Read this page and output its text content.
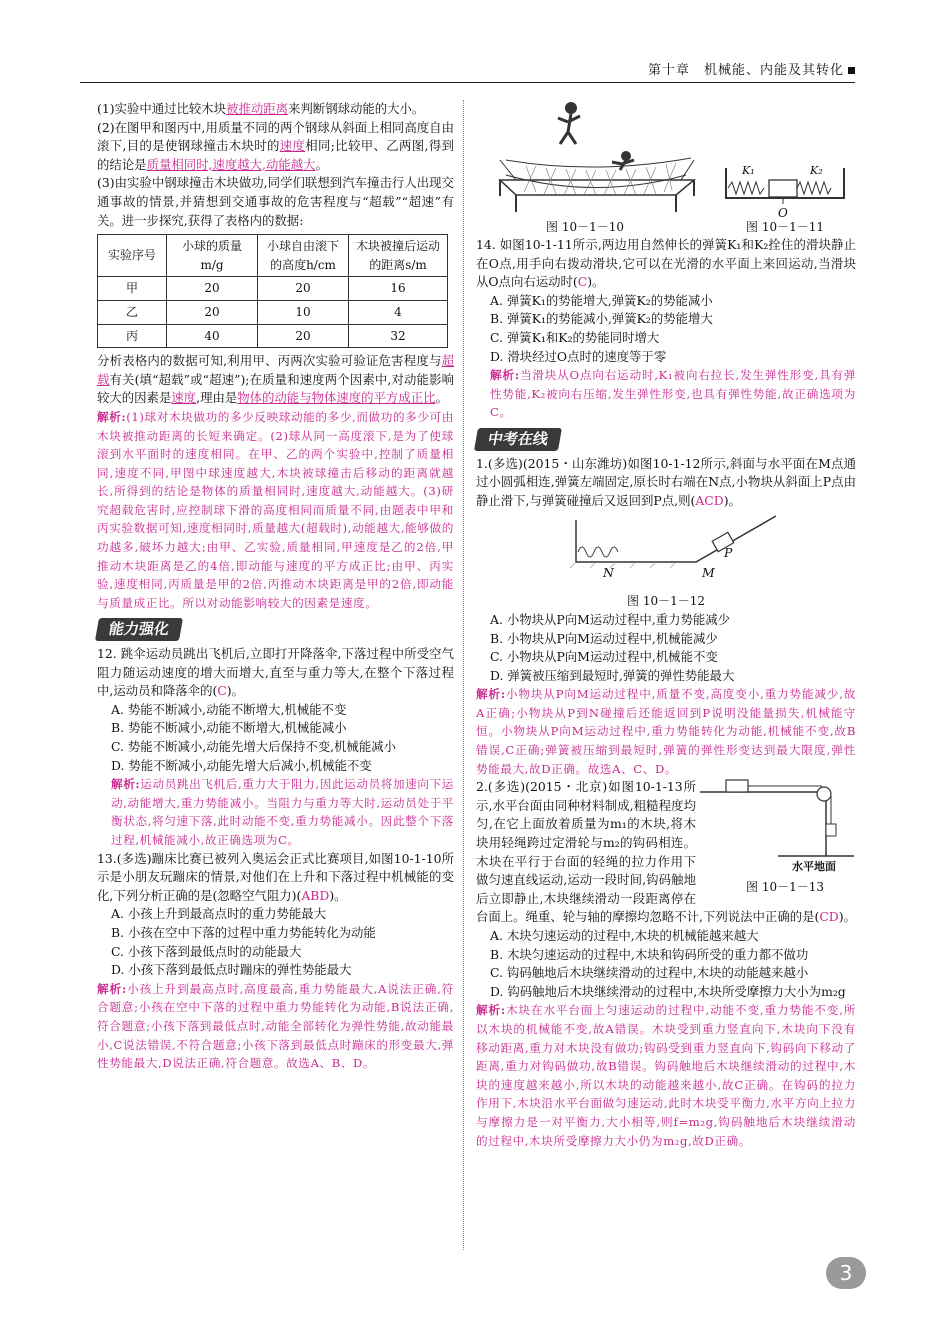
第十章　机械能、内能及其转化

(1)实验中通过比较木块被推动距离来判断钢球动能的大小。

(2)在图甲和图丙中,用质量不同的两个钢球从斜面上相同高度自由滚下,目的是使钢球撞击木块时的速度相同;比较甲、乙两图,得到的结论是质量相同时,速度越大,动能越大。

(3)由实验中钢球撞击木块做功,同学们联想到汽车撞击行人出现交通事故的情景,并猜想到交通事故的危害程度与“超载”“超速”有关。进一步探究,获得了表格内的数据:

实验序号	小球的质量m/g	小球自由滚下的高度h/cm	木块被撞后运动的距离s/m
甲	20	20	16
乙	20	10	4
丙	40	20	32

分析表格内的数据可知,利用甲、丙两次实验可验证危害程度与超载有关(填“超载”或“超速”);在质量和速度两个因素中,对动能影响较大的因素是速度,理由是物体的动能与物体速度的平方成正比。

解析:(1)球对木块做功的多少反映球动能的多少,而做功的多少可由木块被推动距离的长短来确定。(2)球从同一高度滚下,是为了使球滚到水平面时的速度相同。在甲、乙的两个实验中,控制了质量相同,速度不同,甲图中球速度越大,木块被球撞击后移动的距离就越长,所得到的结论是物体的质量相同时,速度越大,动能越大。(3)研究超载危害时,应控制球下滑的高度相同而质量不同,由题表中甲和丙实验数据可知,速度相同时,质量越大(超载时),动能越大,能够做的功越多,破坏力越大;由甲、乙实验,质量相同,甲速度是乙的2倍,甲推动木块距离是乙的4倍,即动能与速度的平方成正比;由甲、丙实验,速度相同,丙质量是甲的2倍,丙推动木块距离是甲的2倍,即动能与质量成正比。所以对动能影响较大的因素是速度。

能力强化

12. 跳伞运动员跳出飞机后,立即打开降落伞,下落过程中所受空气阻力随运动速度的增大而增大,直至与重力等大,在整个下落过程中,运动员和降落伞的(C)。

A. 势能不断减小,动能不断增大,机械能不变

B. 势能不断减小,动能不断增大,机械能减小

C. 势能不断减小,动能先增大后保持不变,机械能减小

D. 势能不断减小,动能先增大后减小,机械能不变

解析:运动员跳出飞机后,重力大于阻力,因此运动员将加速向下运动,动能增大,重力势能减小。当阻力与重力等大时,运动员处于平衡状态,将匀速下落,此时动能不变,重力势能减小。因此整个下落过程,机械能减小,故正确选项为C。

13.(多选)蹦床比赛已被列入奥运会正式比赛项目,如图10-1-10所示是小朋友玩蹦床的情景,对他们在上升和下落过程中机械能的变化,下列分析正确的是(忽略空气阻力)(ABD)。

A. 小孩上升到最高点时的重力势能最大

B. 小孩在空中下落的过程中重力势能转化为动能

C. 小孩下落到最低点时的动能最大

D. 小孩下落到最低点时蹦床的弹性势能最大

解析:小孩上升到最高点时,高度最高,重力势能最大,A说法正确,符合题意;小孩在空中下落的过程中重力势能转化为动能,B说法正确,符合题意;小孩下落到最低点时,动能全部转化为弹性势能,故动能最小,C说法错误,不符合题意;小孩下落到最低点时蹦床的形变最大,弹性势能最大,D说法正确,符合题意。故选A、B、D。

K₁	K₂
O
图 10－1－10	图 10－1－11

14. 如图10-1-11所示,两边用自然伸长的弹簧K₁和K₂拴住的滑块静止在O点,用手向右拨动滑块,它可以在光滑的水平面上来回运动,当滑块从O点向右运动时(C)。

A. 弹簧K₁的势能增大,弹簧K₂的势能减小

B. 弹簧K₁的势能减小,弹簧K₂的势能增大

C. 弹簧K₁和K₂的势能同时增大

D. 滑块经过O点时的速度等于零

解析:当滑块从O点向右运动时,K₁被向右拉长,发生弹性形变,具有弹性势能,K₂被向右压缩,发生弹性形变,也具有弹性势能,故正确选项为C。

中考在线

1.(多选)(2015・山东潍坊)如图10-1-12所示,斜面与水平面在M点通过小圆弧相连,弹簧左端固定,原长时右端在N点,小物块从斜面上P点由静止滑下,与弹簧碰撞后又返回到P点,则(ACD)。

N	M
P

图 10－1－12

A. 小物块从P向M运动过程中,重力势能减少

B. 小物块从P向M运动过程中,机械能减少

C. 小物块从P向M运动过程中,机械能不变

D. 弹簧被压缩到最短时,弹簧的弹性势能最大

解析:小物块从P向M运动过程中,质量不变,高度变小,重力势能减少,故A正确;小物块从P到N碰撞后还能返回到P说明没能量损失,机械能守恒。小物块从P向M运动过程中,重力势能转化为动能,机械能不变,故B错误,C正确;弹簧被压缩到最短时,弹簧的弹性形变达到最大限度,弹性势能最大,故D正确。故选A、C、D。

水平地面
图 10－1－13

2.(多选)(2015・北京)如图10-1-13所示,水平台面由同种材料制成,粗糙程度均匀,在它上面放着质量为m₁的木块,将木块用轻绳跨过定滑轮与m₂的钩码相连。木块在平行于台面的轻绳的拉力作用下做匀速直线运动,运动一段时间,钩码触地后立即静止,木块继续滑动一段距离停在台面上。绳重、轮与轴的摩擦均忽略不计,下列说法中正确的是(CD)。

A. 木块匀速运动的过程中,木块的机械能越来越大

B. 木块匀速运动的过程中,木块和钩码所受的重力都不做功

C. 钩码触地后木块继续滑动的过程中,木块的动能越来越小

D. 钩码触地后木块继续滑动的过程中,木块所受摩擦力大小为m₂g

解析:木块在水平台面上匀速运动的过程中,动能不变,重力势能不变,所以木块的机械能不变,故A错误。木块受到重力竖直向下,木块向下没有移动距离,重力对木块没有做功;钩码受到重力竖直向下,钩码向下移动了距离,重力对钩码做功,故B错误。钩码触地后木块继续滑动的过程中,木块的速度越来越小,所以木块的动能越来越小,故C正确。在钩码的拉力作用下,木块沿水平台面做匀速运动,此时木块受平衡力,水平方向上拉力与摩擦力是一对平衡力,大小相等,则f=m₂g,钩码触地后木块继续滑动的过程中,木块所受摩擦力大小仍为m₂g,故D正确。

3
